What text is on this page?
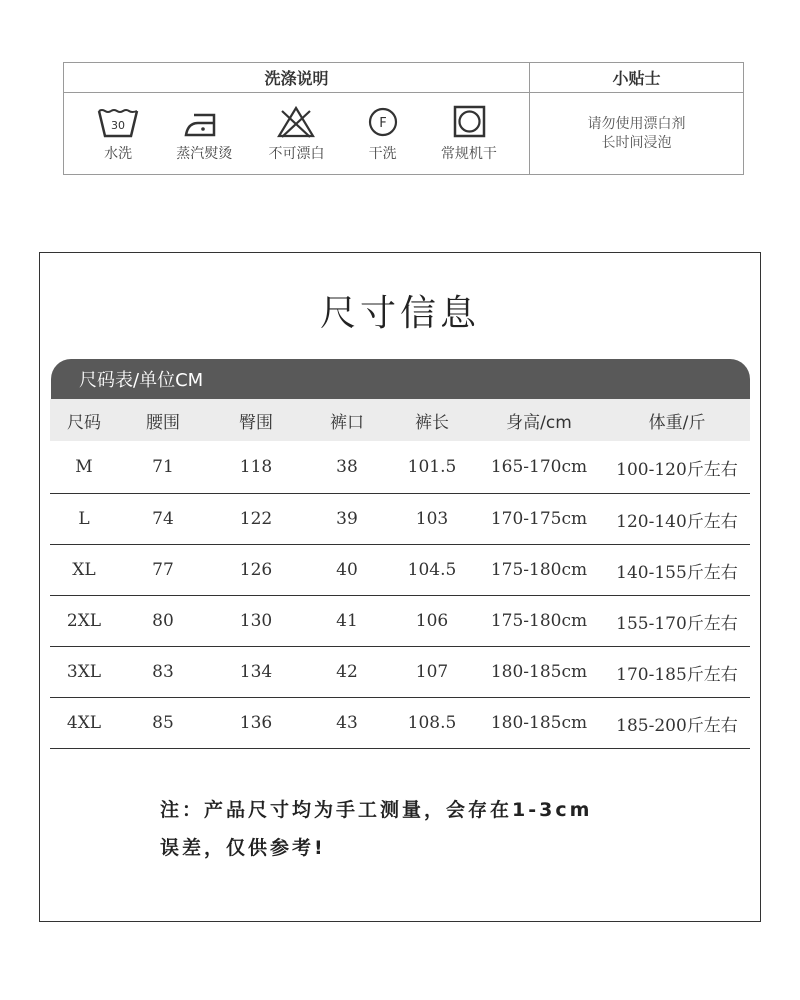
洗涤说明
30
水洗	蒸汽熨烫	不可漂白
F
干洗	常规机干
小贴士
请勿使用漂白剂
长时间浸泡
尺寸信息
尺码表/单位CM
尺码	腰围	臀围	裤口	裤长	身高/cm	体重/斤
M	71	118	38	101.5	165-170cm	100-120斤左右
L	74	122	39	103	170-175cm	120-140斤左右
XL	77	126	40	104.5	175-180cm	140-155斤左右
2XL	80	130	41	106	175-180cm	155-170斤左右
3XL	83	134	42	107	180-185cm	170-185斤左右
4XL	85	136	43	108.5	180-185cm	185-200斤左右
注：产品尺寸均为手工测量，会存在1-3cm
误差，仅供参考!
